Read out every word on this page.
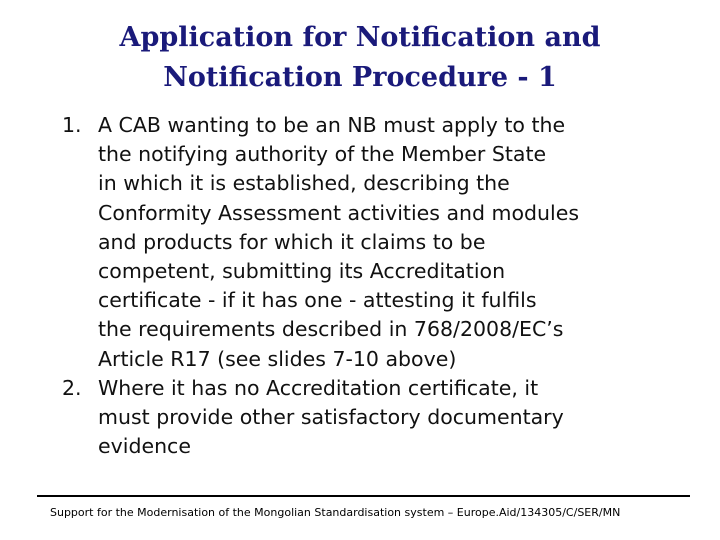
Application for Notification and
Notification Procedure - 1
1. A CAB wanting to be an NB must apply to the
the notifying authority of the Member State
in which it is established, describing the
Conformity Assessment activities and modules
and products for which it claims to be
competent, submitting its Accreditation
certificate - if it has one - attesting it fulfils
the requirements described in 768/2008/EC’s
Article R17 (see slides 7-10 above)
2. Where it has no Accreditation certificate, it
must provide other satisfactory documentary
evidence
Support for the Modernisation of the Mongolian Standardisation system – Europe.Aid/134305/C/SER/MN
